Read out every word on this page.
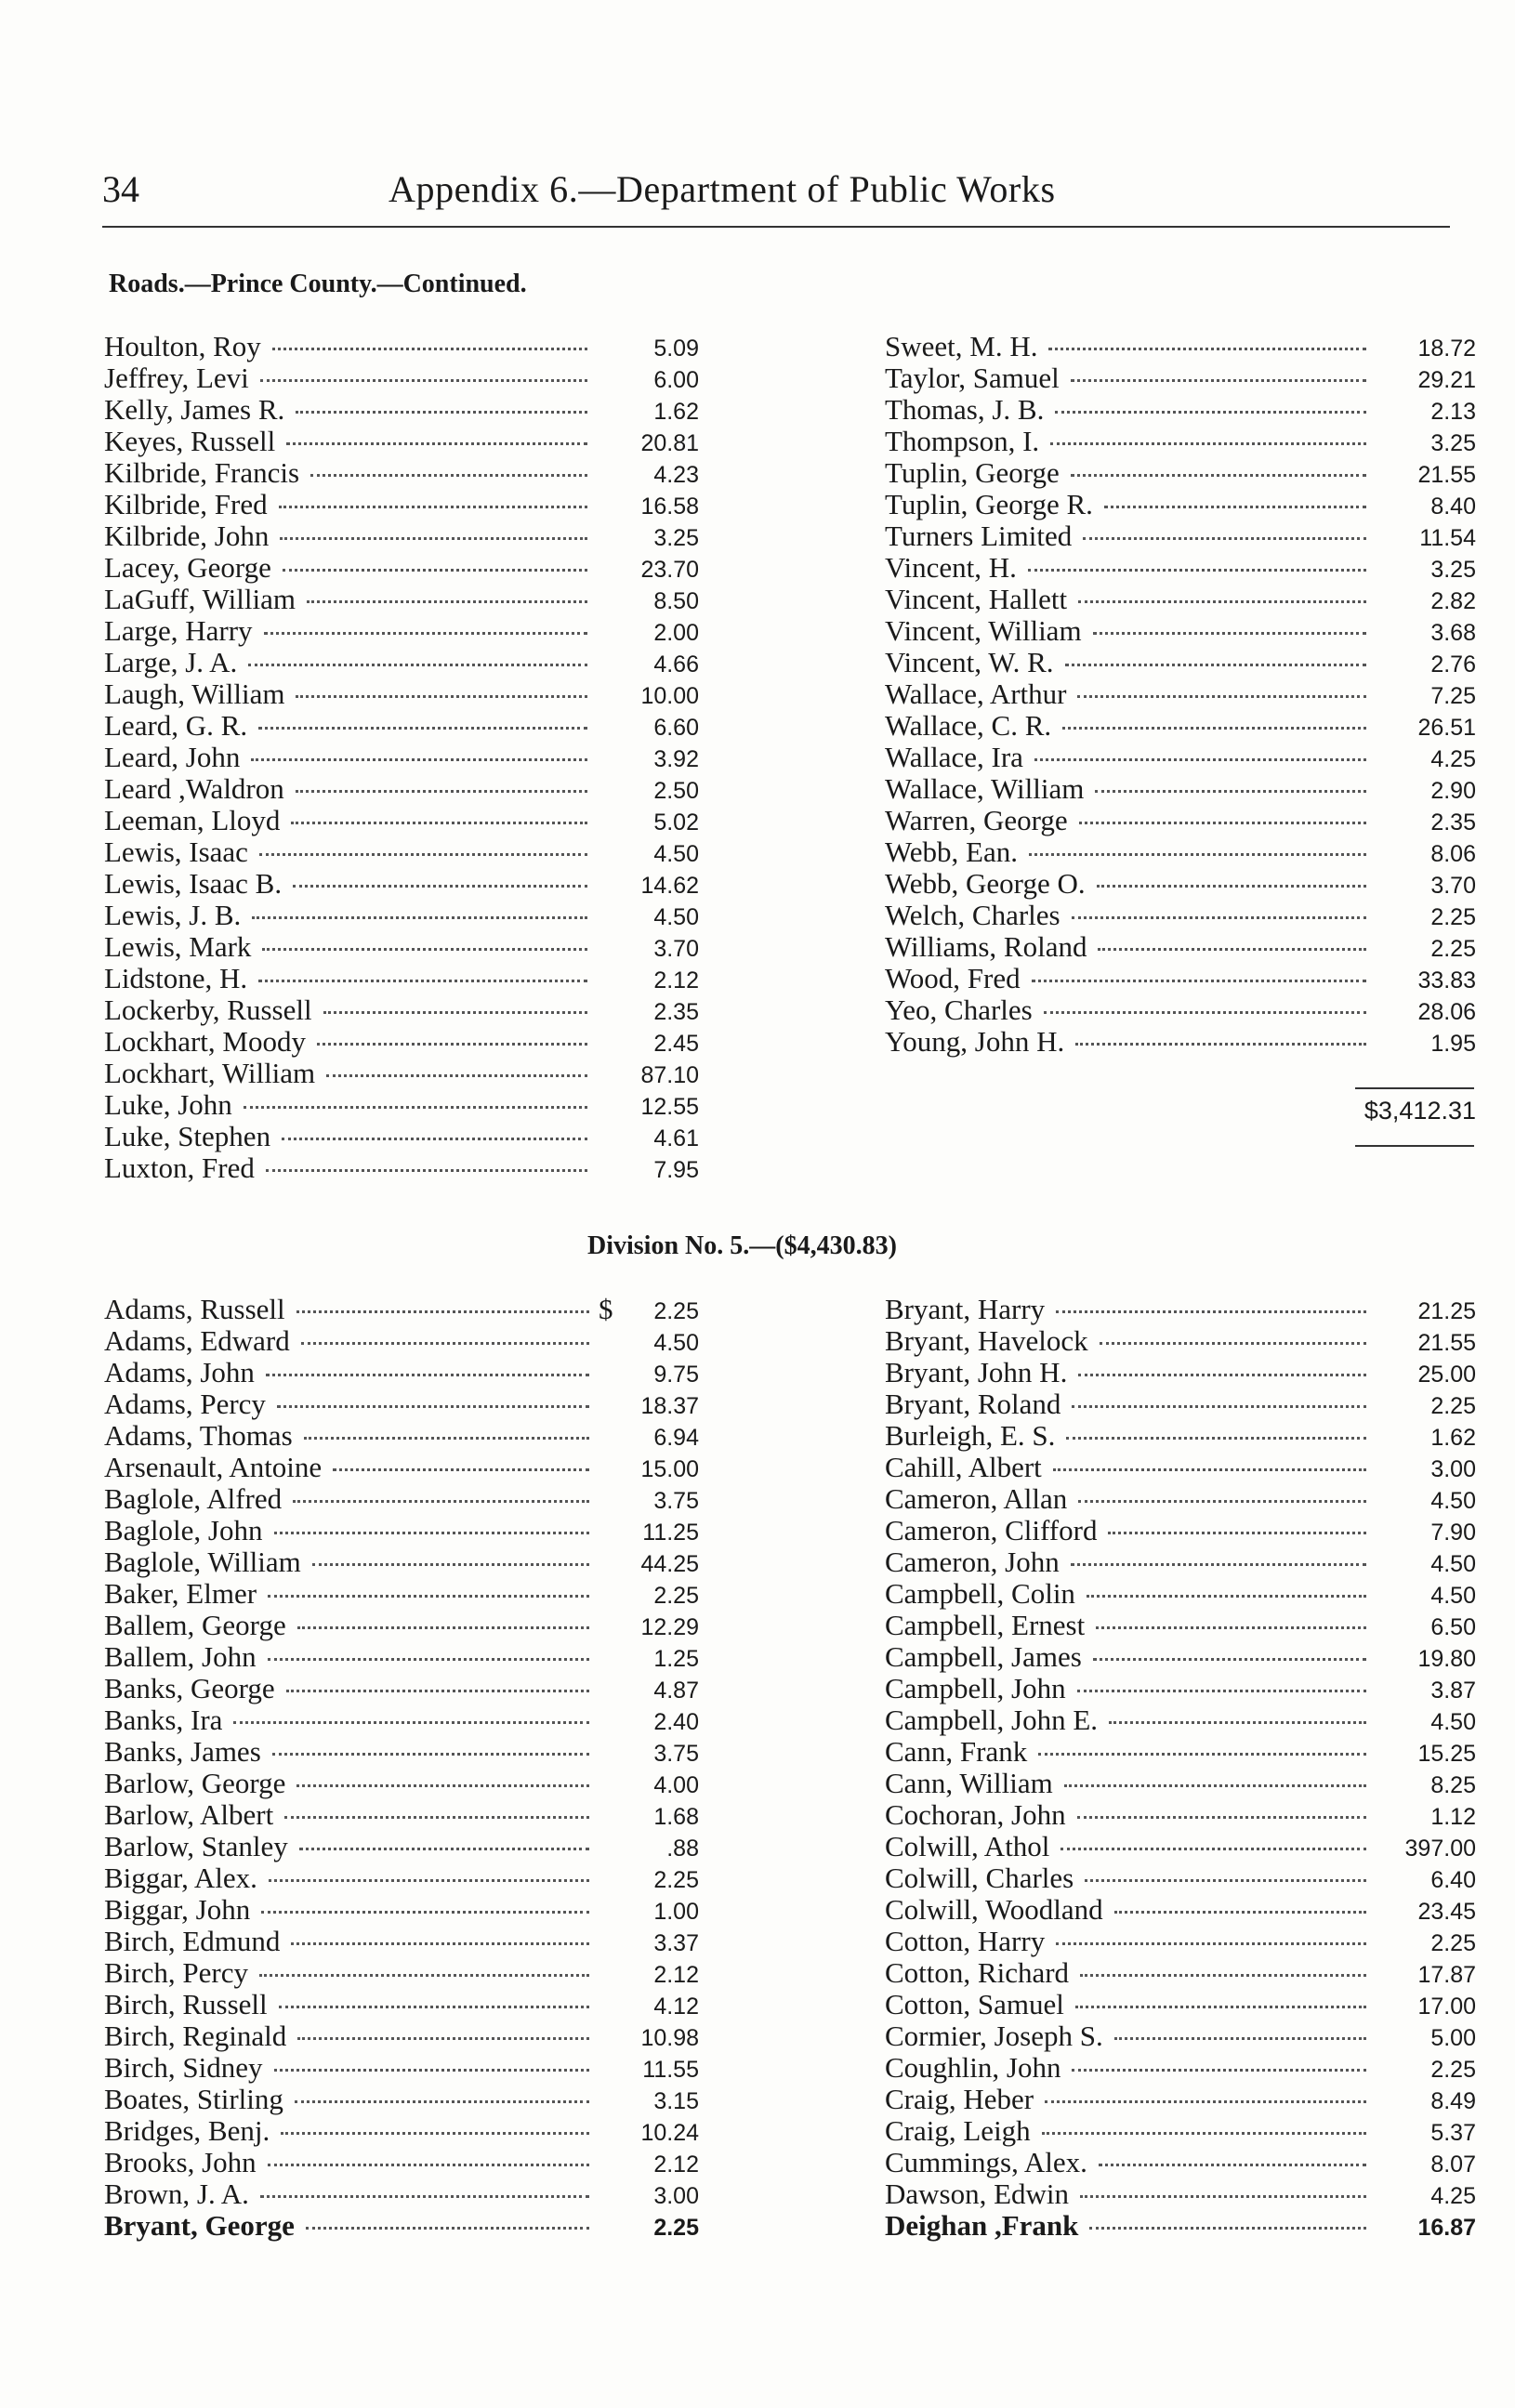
34	Appendix 6.—Department of Public Works
Roads.—Prince County.—Continued.
Houlton, Roy	5.09
Jeffrey, Levi	6.00
Kelly, James R.	1.62
Keyes, Russell	20.81
Kilbride, Francis	4.23
Kilbride, Fred	16.58
Kilbride, John	3.25
Lacey, George	23.70
LaGuff, William	8.50
Large, Harry	2.00
Large, J. A.	4.66
Laugh, William	10.00
Leard, G. R.	6.60
Leard, John	3.92
Leard ,Waldron	2.50
Leeman, Lloyd	5.02
Lewis, Isaac	4.50
Lewis, Isaac B.	14.62
Lewis, J. B.	4.50
Lewis, Mark	3.70
Lidstone, H.	2.12
Lockerby, Russell	2.35
Lockhart, Moody	2.45
Lockhart, William	87.10
Luke, John	12.55
Luke, Stephen	4.61
Luxton, Fred	7.95
Sweet, M. H.	18.72
Taylor, Samuel	29.21
Thomas, J. B.	2.13
Thompson, I.	3.25
Tuplin, George	21.55
Tuplin, George R.	8.40
Turners Limited	11.54
Vincent, H.	3.25
Vincent, Hallett	2.82
Vincent, William	3.68
Vincent, W. R.	2.76
Wallace, Arthur	7.25
Wallace, C. R.	26.51
Wallace, Ira	4.25
Wallace, William	2.90
Warren, George	2.35
Webb, Ean.	8.06
Webb, George O.	3.70
Welch, Charles	2.25
Williams, Roland	2.25
Wood, Fred	33.83
Yeo, Charles	28.06
Young, John H.	1.95
$3,412.31
Division No. 5.—($4,430.83)
Adams, Russell	$	2.25
Adams, Edward	4.50
Adams, John	9.75
Adams, Percy	18.37
Adams, Thomas	6.94
Arsenault, Antoine	15.00
Baglole, Alfred	3.75
Baglole, John	11.25
Baglole, William	44.25
Baker, Elmer	2.25
Ballem, George	12.29
Ballem, John	1.25
Banks, George	4.87
Banks, Ira	2.40
Banks, James	3.75
Barlow, George	4.00
Barlow, Albert	1.68
Barlow, Stanley	.88
Biggar, Alex.	2.25
Biggar, John	1.00
Birch, Edmund	3.37
Birch, Percy	2.12
Birch, Russell	4.12
Birch, Reginald	10.98
Birch, Sidney	11.55
Boates, Stirling	3.15
Bridges, Benj.	10.24
Brooks, John	2.12
Brown, J. A.	3.00
Bryant, George	2.25
Bryant, Harry	21.25
Bryant, Havelock	21.55
Bryant, John H.	25.00
Bryant, Roland	2.25
Burleigh, E. S.	1.62
Cahill, Albert	3.00
Cameron, Allan	4.50
Cameron, Clifford	7.90
Cameron, John	4.50
Campbell, Colin	4.50
Campbell, Ernest	6.50
Campbell, James	19.80
Campbell, John	3.87
Campbell, John E.	4.50
Cann, Frank	15.25
Cann, William	8.25
Cochoran, John	1.12
Colwill, Athol	397.00
Colwill, Charles	6.40
Colwill, Woodland	23.45
Cotton, Harry	2.25
Cotton, Richard	17.87
Cotton, Samuel	17.00
Cormier, Joseph S.	5.00
Coughlin, John	2.25
Craig, Heber	8.49
Craig, Leigh	5.37
Cummings, Alex.	8.07
Dawson, Edwin	4.25
Deighan ,Frank	16.87
